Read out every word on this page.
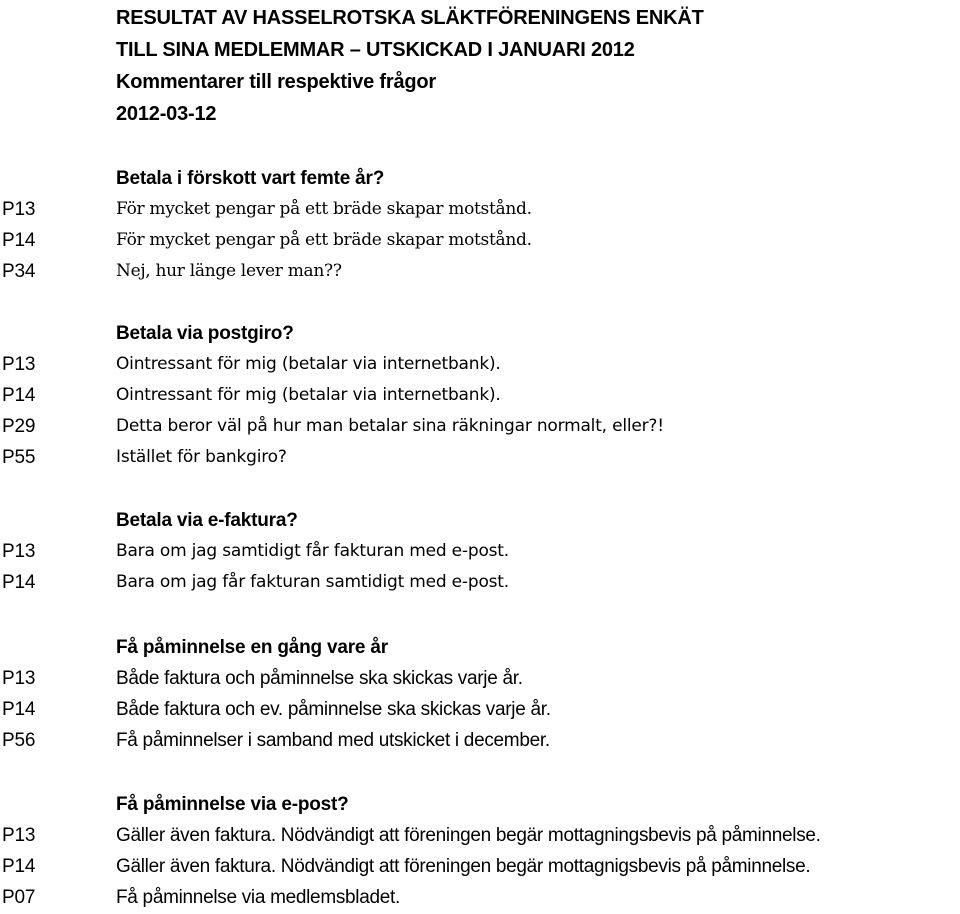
RESULTAT AV HASSELROTSKA SLÄKTFÖRENINGENS ENKÄT
TILL SINA MEDLEMMAR – UTSKICKAD I JANUARI 2012
Kommentarer till respektive frågor
2012-03-12
Betala i förskott vart femte år?
P13	För mycket pengar på ett bräde skapar motstånd.
P14	För mycket pengar på ett bräde skapar motstånd.
P34	Nej, hur länge lever man??
Betala via postgiro?
P13	Ointressant för mig (betalar via internetbank).
P14	Ointressant för mig (betalar via internetbank).
P29	Detta beror väl på hur man betalar sina räkningar normalt, eller?!
P55	Istället för bankgiro?
Betala via e-faktura?
P13	Bara om jag samtidigt får fakturan med e-post.
P14	Bara om jag får fakturan samtidigt med e-post.
Få påminnelse en gång vare år
P13	Både faktura och påminnelse ska skickas varje år.
P14	Både faktura och ev. påminnelse ska skickas varje år.
P56	Få påminnelser i samband med utskicket i december.
Få påminnelse via e-post?
P13	Gäller även faktura. Nödvändigt att föreningen begär mottagningsbevis på påminnelse.
P14	Gäller även faktura. Nödvändigt att föreningen begär mottagnigsbevis på påminnelse.
P07	Få påminnelse via medlemsbladet.
